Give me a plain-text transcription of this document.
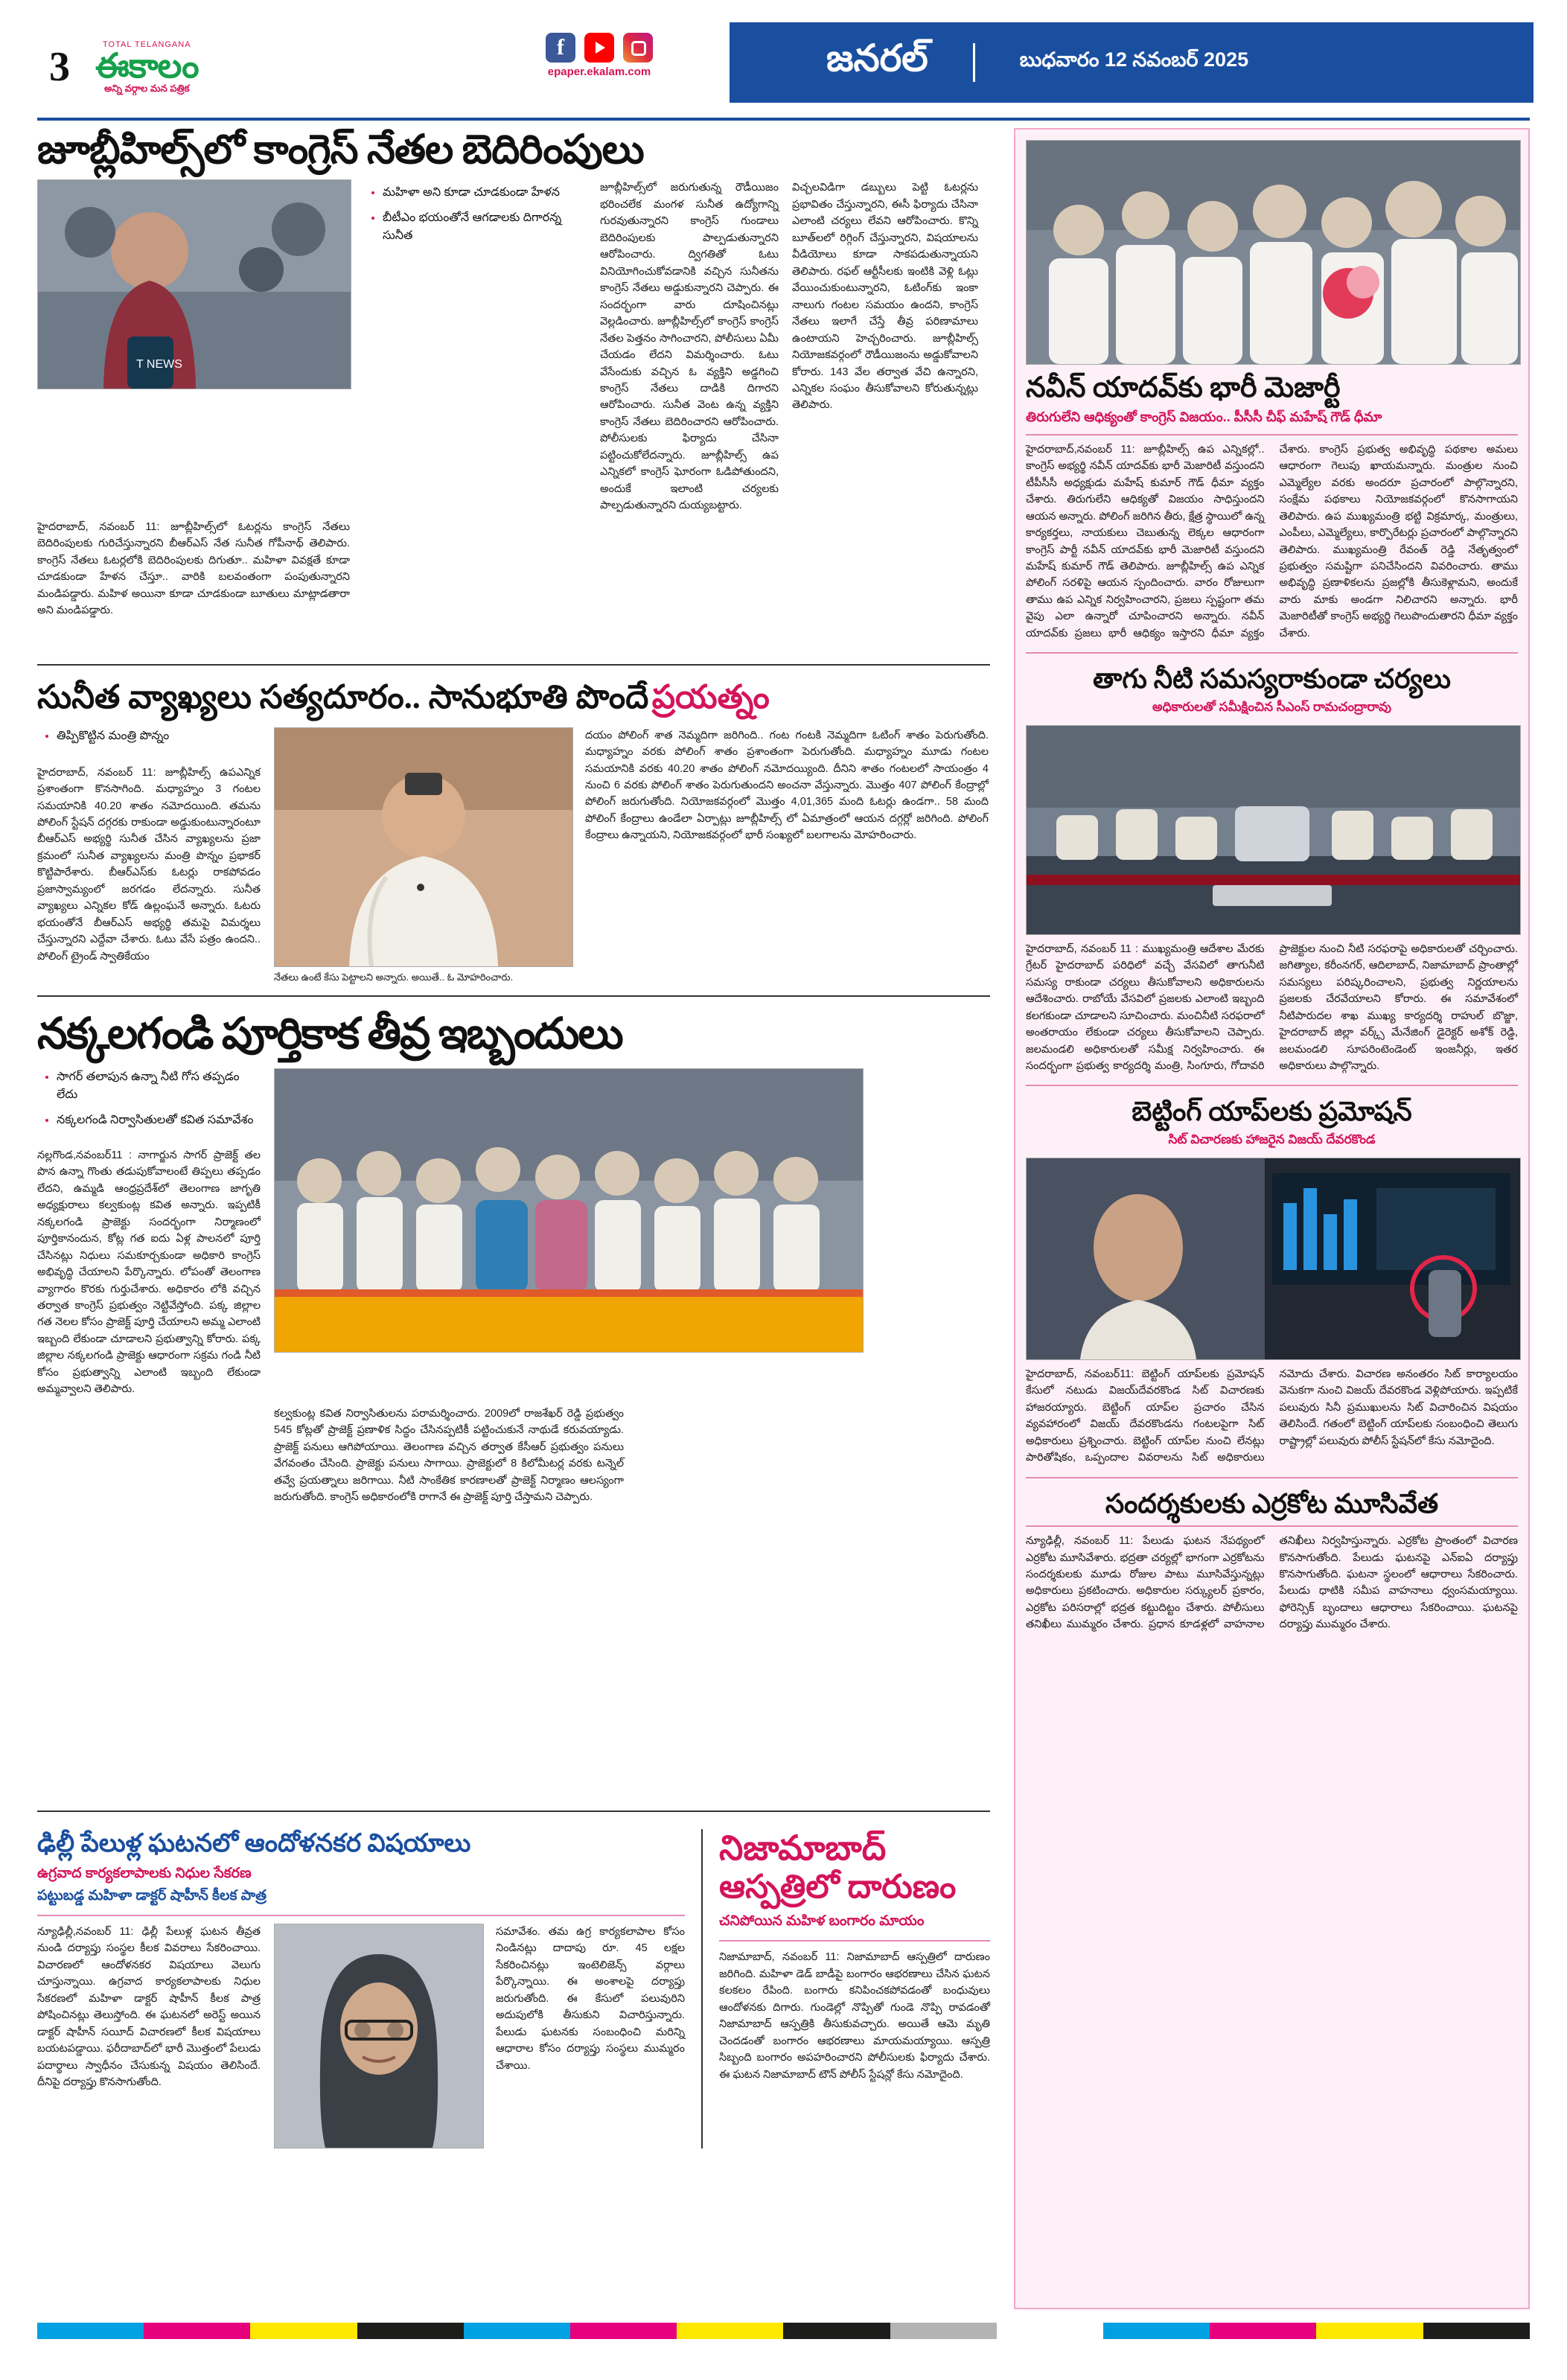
3	TOTAL TELANGANA
ఈకాలం
అన్ని వర్గాల మన పత్రిక
f
epaper.ekalam.com	జనరల్	బుధవారం 12 నవంబర్ 2025
జూబ్లీహిల్స్‌లో కాంగ్రెస్ నేతల బెదిరింపులు
T NEWS
• మహిళా అని కూడా చూడకుండా హేళన
• బీటీఎం భయంతోనే ఆగడాలకు దిగారన్న సునీత
జూబ్లీహిల్స్‌లో జరుగుతున్న రౌడీయిజం భరించలేక మంగళ సునీత ఉద్యోగాన్ని గురవుతున్నారని కాంగ్రెస్ గుండాలు బెదిరింపులకు పాల్పడుతున్నారని ఆరోపించారు. ద్విగతితో ఓటు వినియోగించుకోవడానికి వచ్చిన సునీతను కాంగ్రెస్ నేతలు అడ్డుకున్నారని చెప్పారు. ఈ సందర్భంగా వారు దూషించినట్లు వెల్లడించారు. జూబ్లీహిల్స్‌లో కాంగ్రెస్ కాంగ్రెస్ నేతల పెత్తనం సాగించారని, పోలీసులు ఏమీ చేయడం లేదని విమర్శించారు. ఓటు వేసేందుకు వచ్చిన ఓ వ్యక్తిని అడ్డగించి కాంగ్రెస్ నేతలు దాడికి దిగారని ఆరోపించారు. సునీత వెంట ఉన్న వ్యక్తిని కాంగ్రెస్ నేతలు బెదిరించారని ఆరోపించారు. పోలీసులకు ఫిర్యాదు చేసినా పట్టించుకోలేదన్నారు. జూబ్లీహిల్స్ ఉప ఎన్నికలో కాంగ్రెస్ ఘోరంగా ఓడిపోతుందని, అందుకే ఇలాంటి చర్యలకు పాల్పడుతున్నారని దుయ్యబట్టారు.
విచ్చలవిడిగా డబ్బులు పెట్టి ఓటర్లను ప్రభావితం చేస్తున్నారని, ఈసీ ఫిర్యాదు చేసినా ఎలాంటి చర్యలు లేవని ఆరోపించారు. కొన్ని బూత్‌లలో రిగ్గింగ్ చేస్తున్నారని, విషయాలను వీడియోలు కూడా సాకపడుతున్నాయని తెలిపారు. రఫల్ ఆర్టీసీలకు ఇంటికి వెళ్లి ఓట్లు వేయించుకుంటున్నారని, ఓటింగ్‌కు ఇంకా నాలుగు గంటల సమయం ఉందని, కాంగ్రెస్ నేతలు ఇలాగే చేస్తే తీవ్ర పరిణామాలు ఉంటాయని హెచ్చరించారు. జూబ్లీహిల్స్ నియోజకవర్గంలో రౌడీయిజంను అడ్డుకోవాలని కోరారు. 143 వేల తర్వాత వేచి ఉన్నారని, ఎన్నికల సంఘం తీసుకోవాలని కోరుతున్నట్లు తెలిపారు.
హైదరాబాద్, నవంబర్ 11: జూబ్లీహిల్స్‌లో ఓటర్లను కాంగ్రెస్ నేతలు బెదిరింపులకు గురిచేస్తున్నారని బీఆర్‌ఎస్ నేత సునీత గోపీనాథ్ తెలిపారు. కాంగ్రెస్ నేతలు ఓటర్లలోకి బెదిరింపులకు దిగుతూ.. మహిళా వివక్షతే కూడా చూడకుండా హేళన చేస్తూ.. వారికి బలవంతంగా పంపుతున్నారని మండిపడ్డారు. మహిళ అయినా కూడా చూడకుండా బూతులు మాట్లాడతారా అని మండిపడ్డారు.
సునీత వ్యాఖ్యలు సత్యదూరం.. సానుభూతి పొందే ప్రయత్నం
• తిప్పికొట్టిన మంత్రి పొన్నం
హైదరాబాద్, నవంబర్ 11: జూబ్లీహిల్స్ ఉపఎన్నిక ప్రశాంతంగా కొనసాగింది. మధ్యాహ్నం 3 గంటల సమయానికి 40.20 శాతం నమోదయింది. తమను పోలింగ్ స్టేషన్ దగ్గరకు రాకుండా అడ్డుకుంటున్నారంటూ బీఆర్‌ఎస్ అభ్యర్థి సునీత చేసిన వ్యాఖ్యలను ప్రజా క్రమంలో సునీత వ్యాఖ్యలను మంత్రి పొన్నం ప్రభాకర్ కొట్టిపారేశారు. బీఆర్‌ఎస్‌కు ఓటర్లు రాకపోవడం ప్రజాస్వామ్యంలో జరగడం లేదన్నారు. సునీత వ్యాఖ్యలు ఎన్నికల కోడ్ ఉల్లంఘనే అన్నారు. ఓటరు భయంతోనే బీఆర్‌ఎస్ అభ్యర్థి తమపై విమర్శలు చేస్తున్నారని ఎద్దేవా చేశారు. ఓటు వేసే పత్రం ఉందని.. పోలింగ్ ట్రైండ్ స్వాతికేయం
నేతలు ఉంటే కేసు పెట్టాలని అన్నారు. అయితే.. ఓ మోహరించారు.
దయం పోలింగ్ శాత నెమ్మదిగా జరిగింది.. గంట గంటకి నెమ్మదిగా ఓటింగ్ శాతం పెరుగుతోంది. మధ్యాహ్నం వరకు పోలింగ్ శాతం ప్రశాంతంగా పెరుగుతోంది. మధ్యాహ్నం మూడు గంటల సమయానికి వరకు 40.20 శాతం పోలింగ్ నమోదయ్యింది. దీనిని శాతం గంటలలో సాయంత్రం 4 నుంచి 6 వరకు పోలింగ్ శాతం పెరుగుతుందని అంచనా వేస్తున్నారు. మొత్తం 407 పోలింగ్ కేంద్రాల్లో పోలింగ్ జరుగుతోంది. నియోజకవర్గంలో మొత్తం 4,01,365 మంది ఓటర్లు ఉండగా.. 58 మంది పోలింగ్ కేంద్రాలు ఉండేలా ఏర్పాట్లు జూబ్లీహిల్స్ లో ఏమాత్రంలో ఆయన దగ్గర్లో జరిగింది. పోలింగ్ కేంద్రాలు ఉన్నాయని, నియోజకవర్గంలో భారీ సంఖ్యలో బలగాలను మోహరించారు.
నక్కలగండి పూర్తికాక తీవ్ర ఇబ్బందులు
• సాగర్ తలాపున ఉన్నా నీటి గోస తప్పడం లేదు
• నక్కలగండి నిర్వాసితులతో కవిత సమావేశం
నల్లగొండ,నవంబర్11 : నాగార్జున సాగర్ ప్రాజెక్ట్ తల పొన ఉన్నా గొంతు తడుపుకోవాలంటే తిప్పలు తప్పడం లేదని, ఉమ్మడి ఆంధ్రప్రదేశ్‌లో తెలంగాణ జాగృతి అధ్యక్షురాలు కల్వకుంట్ల కవిత అన్నారు. ఇప్పటికీ నక్కలగండి ప్రాజెక్టు సందర్భంగా నిర్మాణంలో పూర్తికానందున, కోట్ల గత ఐదు ఏళ్ల పాలనలో పూర్తి చేసినట్లు నిధులు సమకూర్చకుండా అధికారి కాంగ్రెస్ అభివృద్ధి చేయాలని పేర్కొన్నారు. లోపంతో తెలంగాణ వ్యాగారం కొరకు గుర్తుచేశారు. అధికారం లోకి వచ్చిన తర్వాత కాంగ్రెస్ ప్రభుత్వం నెట్టివేస్తోంది. పక్క జిల్లాల గత నెలల కోసం ప్రాజెక్ట్ పూర్తి చేయాలని అమ్మ ఎలాంటి ఇబ్బంది లేకుండా చూడాలని ప్రభుత్వాన్ని కోరారు. పక్క జిల్లాల నక్కలగండి ప్రాజెక్టు ఆధారంగా సక్రమ గండి నీటి కోసం ప్రభుత్వాన్ని ఎలాంటి ఇబ్బంది లేకుండా అమ్మవ్వాలని తెలిపారు.
కల్వకుంట్ల కవిత నిర్వాసితులను పరామర్శించారు. 2009లో రాజశేఖర్ రెడ్డి ప్రభుత్వం 545 కోట్లతో ప్రాజెక్ట్ ప్రణాళిక సిద్ధం చేసినప్పటికీ పట్టించుకునే నాథుడే కరువయ్యాడు. ప్రాజెక్ట్ పనులు ఆగిపోయాయి. తెలంగాణ వచ్చిన తర్వాత కేసీఆర్ ప్రభుత్వం పనులు వేగవంతం చేసింది. ప్రాజెక్టు పనులు సాగాయి. ప్రాజెక్టులో 8 కిలోమీటర్ల వరకు టన్నెల్ తవ్వే ప్రయత్నాలు జరిగాయి. నీటి సాంకేతిక కారణాలతో ప్రాజెక్ట్ నిర్మాణం ఆలస్యంగా జరుగుతోంది. కాంగ్రెస్ అధికారంలోకి రాగానే ఈ ప్రాజెక్ట్ పూర్తి చేస్తామని చెప్పారు.
ఢిల్లీ పేలుళ్ల ఘటనలో ఆందోళనకర విషయాలు
ఉగ్రవాద కార్యకలాపాలకు నిధుల సేకరణ
పట్టుబడ్డ మహిళా డాక్టర్ షాహీన్ కీలక పాత్ర
న్యూఢిల్లీ,నవంబర్ 11: ఢిల్లీ పేలుళ్ల ఘటన తీవ్రత నుండి దర్యాప్తు సంస్థల కీలక వివరాలు సేకరించాయి. విచారణలో ఆందోళనకర విషయాలు వెలుగు చూస్తున్నాయి. ఉగ్రవాద కార్యకలాపాలకు నిధుల సేకరణలో మహిళా డాక్టర్ షాహీన్ కీలక పాత్ర పోషించినట్లు తెలుస్తోంది. ఈ ఘటనలో అరెస్ట్ అయిన డాక్టర్ షాహీన్ సయీద్ విచారణలో కీలక విషయాలు బయటపడ్డాయి. ఫరీదాబాద్‌లో భారీ మొత్తంలో పేలుడు పదార్థాలు స్వాధీనం చేసుకున్న విషయం తెలిసిందే. దీనిపై దర్యాప్తు కొనసాగుతోంది.
సమావేశం. తమ ఉగ్ర కార్యకలాపాల కోసం నిండినట్లు దాదాపు రూ. 45 లక్షల సేకరించినట్లు ఇంటెలిజెన్స్ వర్గాలు పేర్కొన్నాయి. ఈ అంశాలపై దర్యాప్తు జరుగుతోంది. ఈ కేసులో పలువురిని అదుపులోకి తీసుకుని విచారిస్తున్నారు. పేలుడు ఘటనకు సంబంధించి మరిన్ని ఆధారాల కోసం దర్యాప్తు సంస్థలు ముమ్మరం చేశాయి.
నిజామాబాద్
ఆస్పత్రిలో దారుణం
చనిపోయిన మహిళ బంగారం మాయం
నిజామాబాద్, నవంబర్ 11: నిజామాబాద్ ఆస్పత్రిలో దారుణం జరిగింది. మహిళా డెడ్ బాడీపై బంగారం ఆభరణాలు చేసిన ఘటన కలకలం రేపింది. బంగారు కనిపించకపోవడంతో బంధువులు ఆందోళనకు దిగారు. గుండెల్లో నొప్పితో గుండె నొప్పి రావడంతో నిజామాబాద్ ఆస్పత్రికి తీసుకువచ్చారు. అయితే ఆమె మృతి చెందడంతో బంగారం ఆభరణాలు మాయమయ్యాయి. ఆస్పత్రి సిబ్బంది బంగారం అపహరించారని పోలీసులకు ఫిర్యాదు చేశారు. ఈ ఘటన నిజామాబాద్ టౌన్ పోలీస్ స్టేషన్లో కేసు నమోదైంది.
నవీన్ యాదవ్‌కు భారీ మెజార్టీ
తిరుగులేని ఆధిక్యంతో కాంగ్రెస్ విజయం.. పీసీసీ చీఫ్ మహేష్ గౌడ్ ధీమా
హైదరాబాద్,నవంబర్ 11: జూబ్లీహిల్స్ ఉప ఎన్నికల్లో.. కాంగ్రెస్ అభ్యర్థి నవీన్ యాదవ్‌కు భారీ మెజారిటీ వస్తుందని టీపీసీసీ అధ్యక్షుడు మహేష్ కుమార్ గౌడ్ ధీమా వ్యక్తం చేశారు. తిరుగులేని ఆధిక్యతో విజయం సాధిస్తుందని ఆయన అన్నారు. పోలింగ్ జరిగిన తీరు, క్షేత్ర స్థాయిలో ఉన్న కార్యకర్తలు, నాయకులు చెబుతున్న లెక్కల ఆధారంగా కాంగ్రెస్ పార్టీ నవీన్ యాదవ్‌కు భారీ మెజారిటీ వస్తుందని మహేష్ కుమార్ గౌడ్ తెలిపారు. జూబ్లీహిల్స్ ఉప ఎన్నిక పోలింగ్ సరళిపై ఆయన స్పందించారు. వారం రోజులుగా తాము ఉప ఎన్నిక నిర్వహించారని, ప్రజలు స్పష్టంగా తమ వైపు ఎలా ఉన్నారో చూపించారని అన్నారు. నవీన్ యాదవ్‌కు ప్రజలు భారీ ఆధిక్యం ఇస్తారని ధీమా వ్యక్తం చేశారు. కాంగ్రెస్ ప్రభుత్వ అభివృద్ధి పథకాల అమలు ఆధారంగా గెలుపు ఖాయమన్నారు. మంత్రుల నుంచి ఎమ్మెల్యేల వరకు అందరూ ప్రచారంలో పాల్గొన్నారని, సంక్షేమ పథకాలు నియోజకవర్గంలో కొనసాగాయని తెలిపారు. ఉప ముఖ్యమంత్రి భట్టి విక్రమార్క, మంత్రులు, ఎంపీలు, ఎమ్మెల్యేలు, కార్పొరేటర్లు ప్రచారంలో పాల్గొన్నారని తెలిపారు. ముఖ్యమంత్రి రేవంత్ రెడ్డి నేతృత్వంలో ప్రభుత్వం సమష్టిగా పనిచేసిందని వివరించారు. తాము అభివృద్ధి ప్రణాళికలను ప్రజల్లోకి తీసుకెళ్లామని, అందుకే వారు మాకు అండగా నిలిచారని అన్నారు. భారీ మెజారిటీతో కాంగ్రెస్ అభ్యర్థి గెలుపొందుతారని ధీమా వ్యక్తం చేశారు.
తాగు నీటి సమస్యరాకుండా చర్యలు
అధికారులతో సమీక్షించిన సీఎంస్ రామచంద్రారావు
హైదరాబాద్, నవంబర్ 11 : ముఖ్యమంత్రి ఆదేశాల మేరకు గ్రేటర్ హైదరాబాద్ పరిధిలో వచ్చే వేసవిలో తాగునీటి సమస్య రాకుండా చర్యలు తీసుకోవాలని అధికారులను ఆదేశించారు. రాబోయే వేసవిలో ప్రజలకు ఎలాంటి ఇబ్బంది కలగకుండా చూడాలని సూచించారు. మంచినీటి సరఫరాలో అంతరాయం లేకుండా చర్యలు తీసుకోవాలని చెప్పారు. జలమండలి అధికారులతో సమీక్ష నిర్వహించారు. ఈ సందర్భంగా ప్రభుత్వ కార్యదర్శి మంత్రి, సింగూరు, గోదావరి ప్రాజెక్టుల నుంచి నీటి సరఫరాపై అధికారులతో చర్చించారు. జగిత్యాల, కరీంనగర్, ఆదిలాబాద్, నిజామాబాద్ ప్రాంతాల్లో సమస్యలు పరిష్కరించాలని, ప్రభుత్వ నిర్ణయాలను ప్రజలకు చేరవేయాలని కోరారు. ఈ సమావేశంలో నీటిపారుదల శాఖ ముఖ్య కార్యదర్శి రాహుల్ బొజ్జా, హైదరాబాద్ జిల్లా వర్క్స్ మేనేజింగ్ డైరెక్టర్ అశోక్ రెడ్డి, జలమండలి సూపరింటెండెంట్ ఇంజనీర్లు, ఇతర అధికారులు పాల్గొన్నారు.
బెట్టింగ్ యాప్‌లకు ప్రమోషన్
సిట్ విచారణకు హాజరైన విజయ్ దేవరకొండ
హైదరాబాద్, నవంబర్11: బెట్టింగ్ యాప్‌లకు ప్రమోషన్ కేసులో నటుడు విజయ్‌దేవరకొండ సిట్ విచారణకు హాజరయ్యారు. బెట్టింగ్ యాప్‌ల ప్రచారం చేసిన వ్యవహారంలో విజయ్ దేవరకొండను గంటలపైగా సిట్ అధికారులు ప్రశ్నించారు. బెట్టింగ్ యాప్‌ల నుంచి లేనట్లు పారితోషికం, ఒప్పందాల వివరాలను సిట్ అధికారులు నమోదు చేశారు. విచారణ అనంతరం సిట్ కార్యాలయం వెనుకగా నుంచి విజయ్ దేవరకొండ వెళ్లిపోయారు. ఇప్పటికే పలువురు సినీ ప్రముఖులను సిట్ విచారించిన విషయం తెలిసిందే. గతంలో బెట్టింగ్ యాప్‌లకు సంబంధించి తెలుగు రాష్ట్రాల్లో పలువురు పోలీస్ స్టేషన్‌లో కేసు నమోదైంది.
సందర్శకులకు ఎర్రకోట మూసివేత
న్యూఢిల్లీ, నవంబర్ 11: పేలుడు ఘటన నేపథ్యంలో ఎర్రకోట మూసివేశారు. భద్రతా చర్యల్లో భాగంగా ఎర్రకోటను సందర్శకులకు మూడు రోజుల పాటు మూసివేస్తున్నట్లు అధికారులు ప్రకటించారు. అధికారుల సర్క్యులర్ ప్రకారం, ఎర్రకోట పరిసరాల్లో భద్రత కట్టుదిట్టం చేశారు. పోలీసులు తనిఖీలు ముమ్మరం చేశారు. ప్రధాన కూడళ్లలో వాహనాల తనిఖీలు నిర్వహిస్తున్నారు. ఎర్రకోట ప్రాంతంలో విచారణ కొనసాగుతోంది. పేలుడు ఘటనపై ఎన్‌ఐఏ దర్యాప్తు కొనసాగుతోంది. ఘటనా స్థలంలో ఆధారాలు సేకరించారు. పేలుడు ధాటికి సమీప వాహనాలు ధ్వంసమయ్యాయి. ఫోరెన్సిక్ బృందాలు ఆధారాలు సేకరించాయి. ఘటనపై దర్యాప్తు ముమ్మరం చేశారు.
